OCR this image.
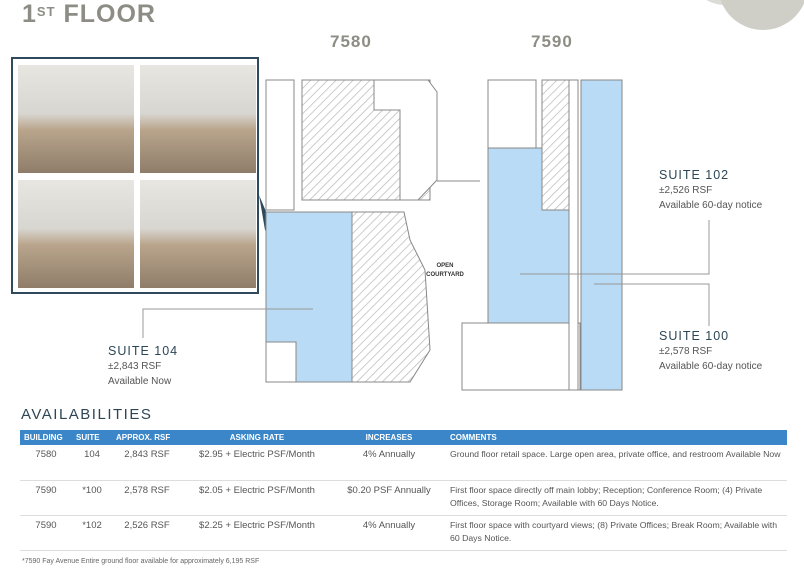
1ST FLOOR
7580	7590
OPEN
COURTYARD
SUITE 104
±2,843 RSF
Available Now
SUITE 102
±2,526 RSF
Available 60-day notice
SUITE 100
±2,578 RSF
Available 60-day notice
AVAILABILITIES
BUILDING	SUITE	APPROX. RSF	ASKING RATE	INCREASES	COMMENTS
7580	104	2,843 RSF	$2.95 + Electric PSF/Month	4% Annually	Ground floor retail space. Large open area, private office, and restroom Available Now
7590	*100	2,578 RSF	$2.05 + Electric PSF/Month	$0.20 PSF Annually	First floor space directly off main lobby; Reception; Conference Room; (4) Private Offices, Storage Room; Available with 60 Days Notice.
7590	*102	2,526 RSF	$2.25 + Electric PSF/Month	4% Annually	First floor space with courtyard views; (8) Private Offices; Break Room; Available with 60 Days Notice.
*7590 Fay Avenue Entire ground floor available for approximately 6,195 RSF
